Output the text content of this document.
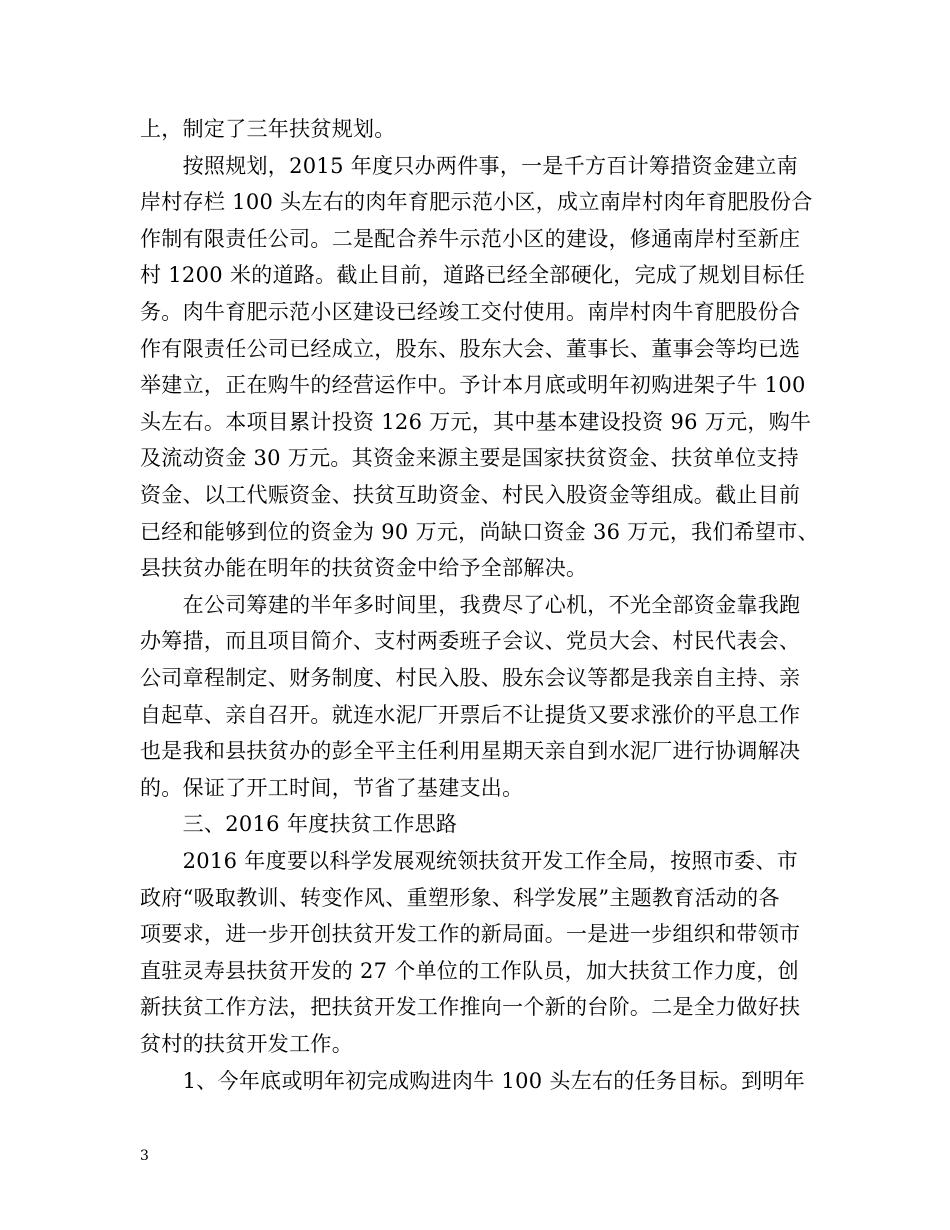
上，制定了三年扶贫规划。
　　按照规划，2015 年度只办两件事，一是千方百计筹措资金建立南
岸村存栏 100 头左右的肉年育肥示范小区，成立南岸村肉年育肥股份合
作制有限责任公司。二是配合养牛示范小区的建设，修通南岸村至新庄
村 1200 米的道路。截止目前，道路已经全部硬化，完成了规划目标任
务。肉牛育肥示范小区建设已经竣工交付使用。南岸村肉牛育肥股份合
作有限责任公司已经成立，股东、股东大会、董事长、董事会等均已选
举建立，正在购牛的经营运作中。予计本月底或明年初购进架子牛 100
头左右。本项目累计投资 126 万元，其中基本建设投资 96 万元，购牛
及流动资金 30 万元。其资金来源主要是国家扶贫资金、扶贫单位支持
资金、以工代赈资金、扶贫互助资金、村民入股资金等组成。截止目前
已经和能够到位的资金为 90 万元，尚缺口资金 36 万元，我们希望市、
县扶贫办能在明年的扶贫资金中给予全部解决。
　　在公司筹建的半年多时间里，我费尽了心机，不光全部资金靠我跑
办筹措，而且项目简介、支村两委班子会议、党员大会、村民代表会、
公司章程制定、财务制度、村民入股、股东会议等都是我亲自主持、亲
自起草、亲自召开。就连水泥厂开票后不让提货又要求涨价的平息工作
也是我和县扶贫办的彭全平主任利用星期天亲自到水泥厂进行协调解决
的。保证了开工时间，节省了基建支出。
　　三、2016 年度扶贫工作思路
　　2016 年度要以科学发展观统领扶贫开发工作全局，按照市委、市
政府“吸取教训、转变作风、重塑形象、科学发展”主题教育活动的各
项要求，进一步开创扶贫开发工作的新局面。一是进一步组织和带领市
直驻灵寿县扶贫开发的 27 个单位的工作队员，加大扶贫工作力度，创
新扶贫工作方法，把扶贫开发工作推向一个新的台阶。二是全力做好扶
贫村的扶贫开发工作。
　　1、今年底或明年初完成购进肉牛 100 头左右的任务目标。到明年
3
